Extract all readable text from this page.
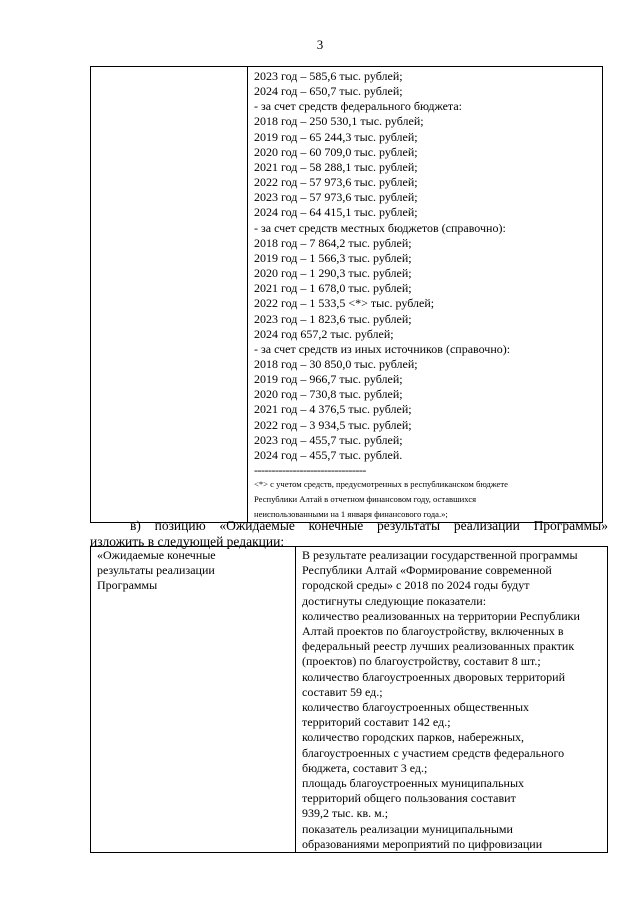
3

2023 год – 585,6 тыс. рублей;
2024 год – 650,7 тыс. рублей;
- за счет средств федерального бюджета:
2018 год – 250 530,1 тыс. рублей;
2019 год – 65 244,3 тыс. рублей;
2020 год – 60 709,0 тыс. рублей;
2021 год – 58 288,1 тыс. рублей;
2022 год – 57 973,6 тыс. рублей;
2023 год – 57 973,6 тыс. рублей;
2024 год – 64 415,1 тыс. рублей;
- за счет средств местных бюджетов (справочно):
2018 год – 7 864,2 тыс. рублей;
2019 год – 1 566,3 тыс. рублей;
2020 год – 1 290,3 тыс. рублей;
2021 год – 1 678,0 тыс. рублей;
2022 год – 1 533,5 <*> тыс. рублей;
2023 год – 1 823,6 тыс. рублей;
2024 год 657,2 тыс. рублей;
- за счет средств из иных источников (справочно):
2018 год – 30 850,0 тыс. рублей;
2019 год – 966,7 тыс. рублей;
2020 год – 730,8 тыс. рублей;
2021 год – 4 376,5 тыс. рублей;
2022 год – 3 934,5 тыс. рублей;
2023 год – 455,7 тыс. рублей;
2024 год – 455,7 тыс. рублей.
--------------------------------
<*> с учетом средств, предусмотренных в республиканском бюджете
Республики Алтай в отчетном финансовом году, оставшихся
неиспользованными на 1 января финансового года.»;
в) позицию «Ожидаемые конечные результаты реализации Программы»
изложить в следующей редакции:
«Ожидаемые конечные
результаты реализации
Программы

В результате реализации государственной программы
Республики Алтай «Формирование современной
городской среды» с 2018 по 2024 годы будут
достигнуты следующие показатели:
количество реализованных на территории Республики
Алтай проектов по благоустройству, включенных в
федеральный реестр лучших реализованных практик
(проектов) по благоустройству, составит 8 шт.;
количество благоустроенных дворовых территорий
составит 59 ед.;
количество благоустроенных общественных
территорий составит 142 ед.;
количество городских парков, набережных,
благоустроенных с участием средств федерального
бюджета, составит 3 ед.;
площадь благоустроенных муниципальных
территорий общего пользования составит
939,2 тыс. кв. м.;
показатель реализации муниципальными
образованиями мероприятий по цифровизации
